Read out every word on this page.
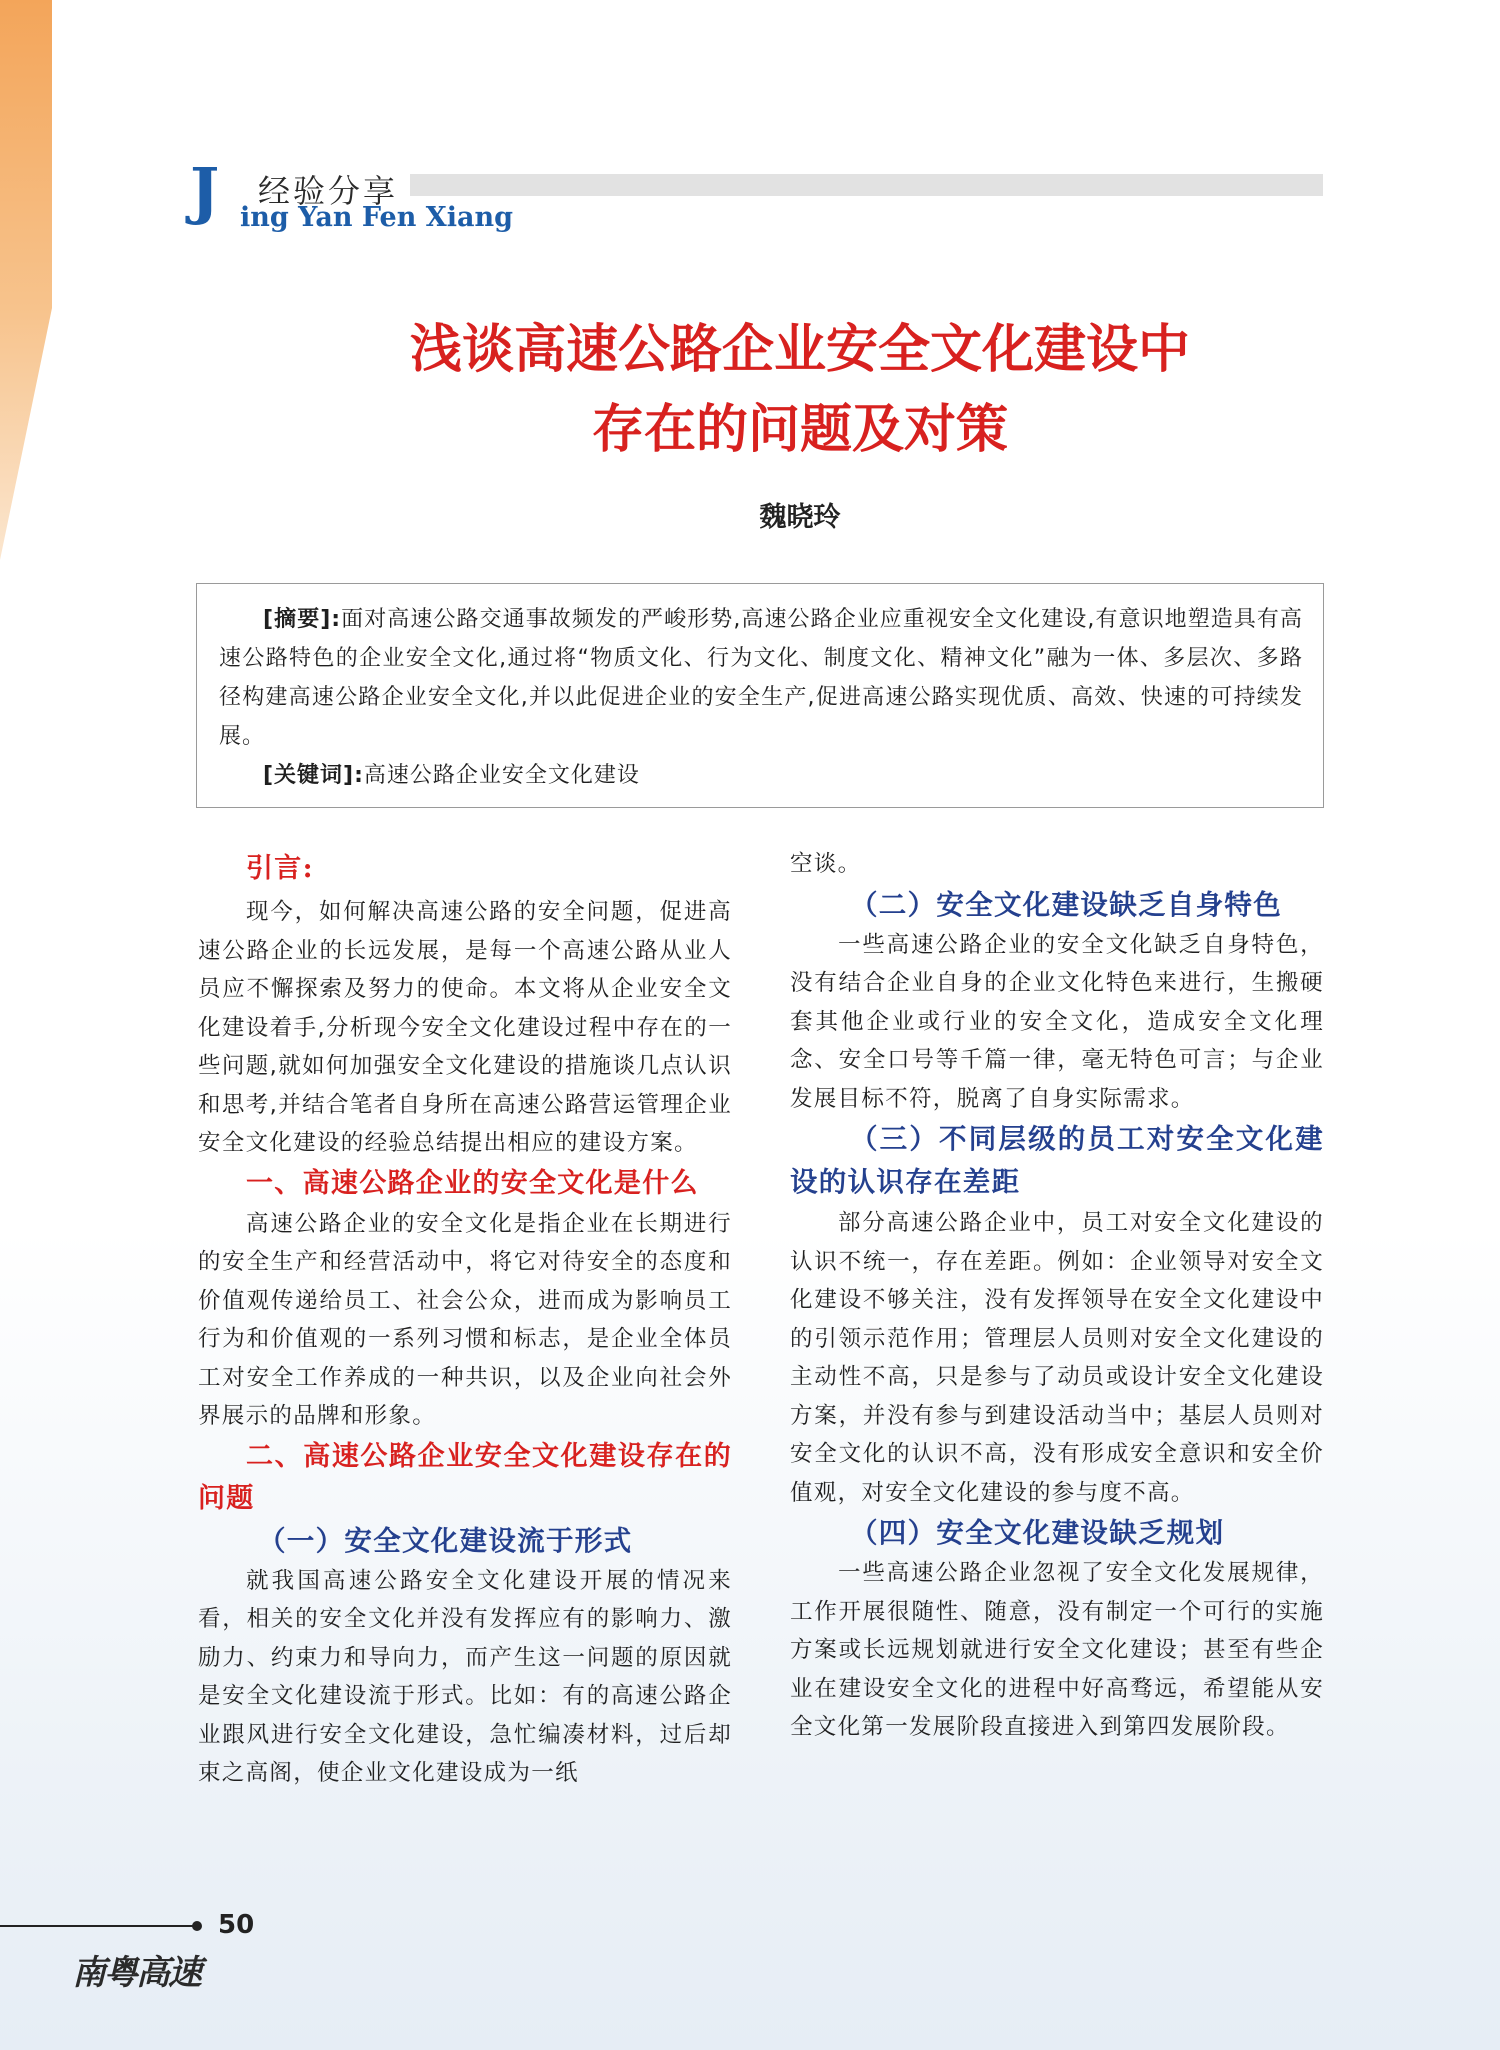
J 经验分享
ing Yan Fen Xiang
浅谈高速公路企业安全文化建设中
存在的问题及对策
魏晓玲

[摘要]:面对高速公路交通事故频发的严峻形势,高速公路企业应重视安全文化建设,有意识地塑造具有高速公路特色的企业安全文化,通过将“物质文化、行为文化、制度文化、精神文化”融为一体、多层次、多路径构建高速公路企业安全文化,并以此促进企业的安全生产,促进高速公路实现优质、高效、快速的可持续发展。

[关键词]:高速公路企业安全文化建设

引言:

现今，如何解决高速公路的安全问题，促进高速公路企业的长远发展，是每一个高速公路从业人员应不懈探索及努力的使命。本文将从企业安全文化建设着手,分析现今安全文化建设过程中存在的一些问题,就如何加强安全文化建设的措施谈几点认识和思考,并结合笔者自身所在高速公路营运管理企业安全文化建设的经验总结提出相应的建设方案。

一、高速公路企业的安全文化是什么

高速公路企业的安全文化是指企业在长期进行的安全生产和经营活动中，将它对待安全的态度和价值观传递给员工、社会公众，进而成为影响员工行为和价值观的一系列习惯和标志，是企业全体员工对安全工作养成的一种共识，以及企业向社会外界展示的品牌和形象。

二、高速公路企业安全文化建设存在的问题
（一）安全文化建设流于形式

就我国高速公路安全文化建设开展的情况来看，相关的安全文化并没有发挥应有的影响力、激励力、约束力和导向力，而产生这一问题的原因就是安全文化建设流于形式。比如：有的高速公路企业跟风进行安全文化建设，急忙编凑材料，过后却束之高阁，使企业文化建设成为一纸

空谈。

（二）安全文化建设缺乏自身特色

一些高速公路企业的安全文化缺乏自身特色，没有结合企业自身的企业文化特色来进行，生搬硬套其他企业或行业的安全文化，造成安全文化理念、安全口号等千篇一律，毫无特色可言；与企业发展目标不符，脱离了自身实际需求。

（三）不同层级的员工对安全文化建设的认识存在差距

部分高速公路企业中，员工对安全文化建设的认识不统一，存在差距。例如：企业领导对安全文化建设不够关注，没有发挥领导在安全文化建设中的引领示范作用；管理层人员则对安全文化建设的主动性不高，只是参与了动员或设计安全文化建设方案，并没有参与到建设活动当中；基层人员则对安全文化的认识不高，没有形成安全意识和安全价值观，对安全文化建设的参与度不高。

（四）安全文化建设缺乏规划

一些高速公路企业忽视了安全文化发展规律，工作开展很随性、随意，没有制定一个可行的实施方案或长远规划就进行安全文化建设；甚至有些企业在建设安全文化的进程中好高骛远，希望能从安全文化第一发展阶段直接进入到第四发展阶段。

50
南粤高速
